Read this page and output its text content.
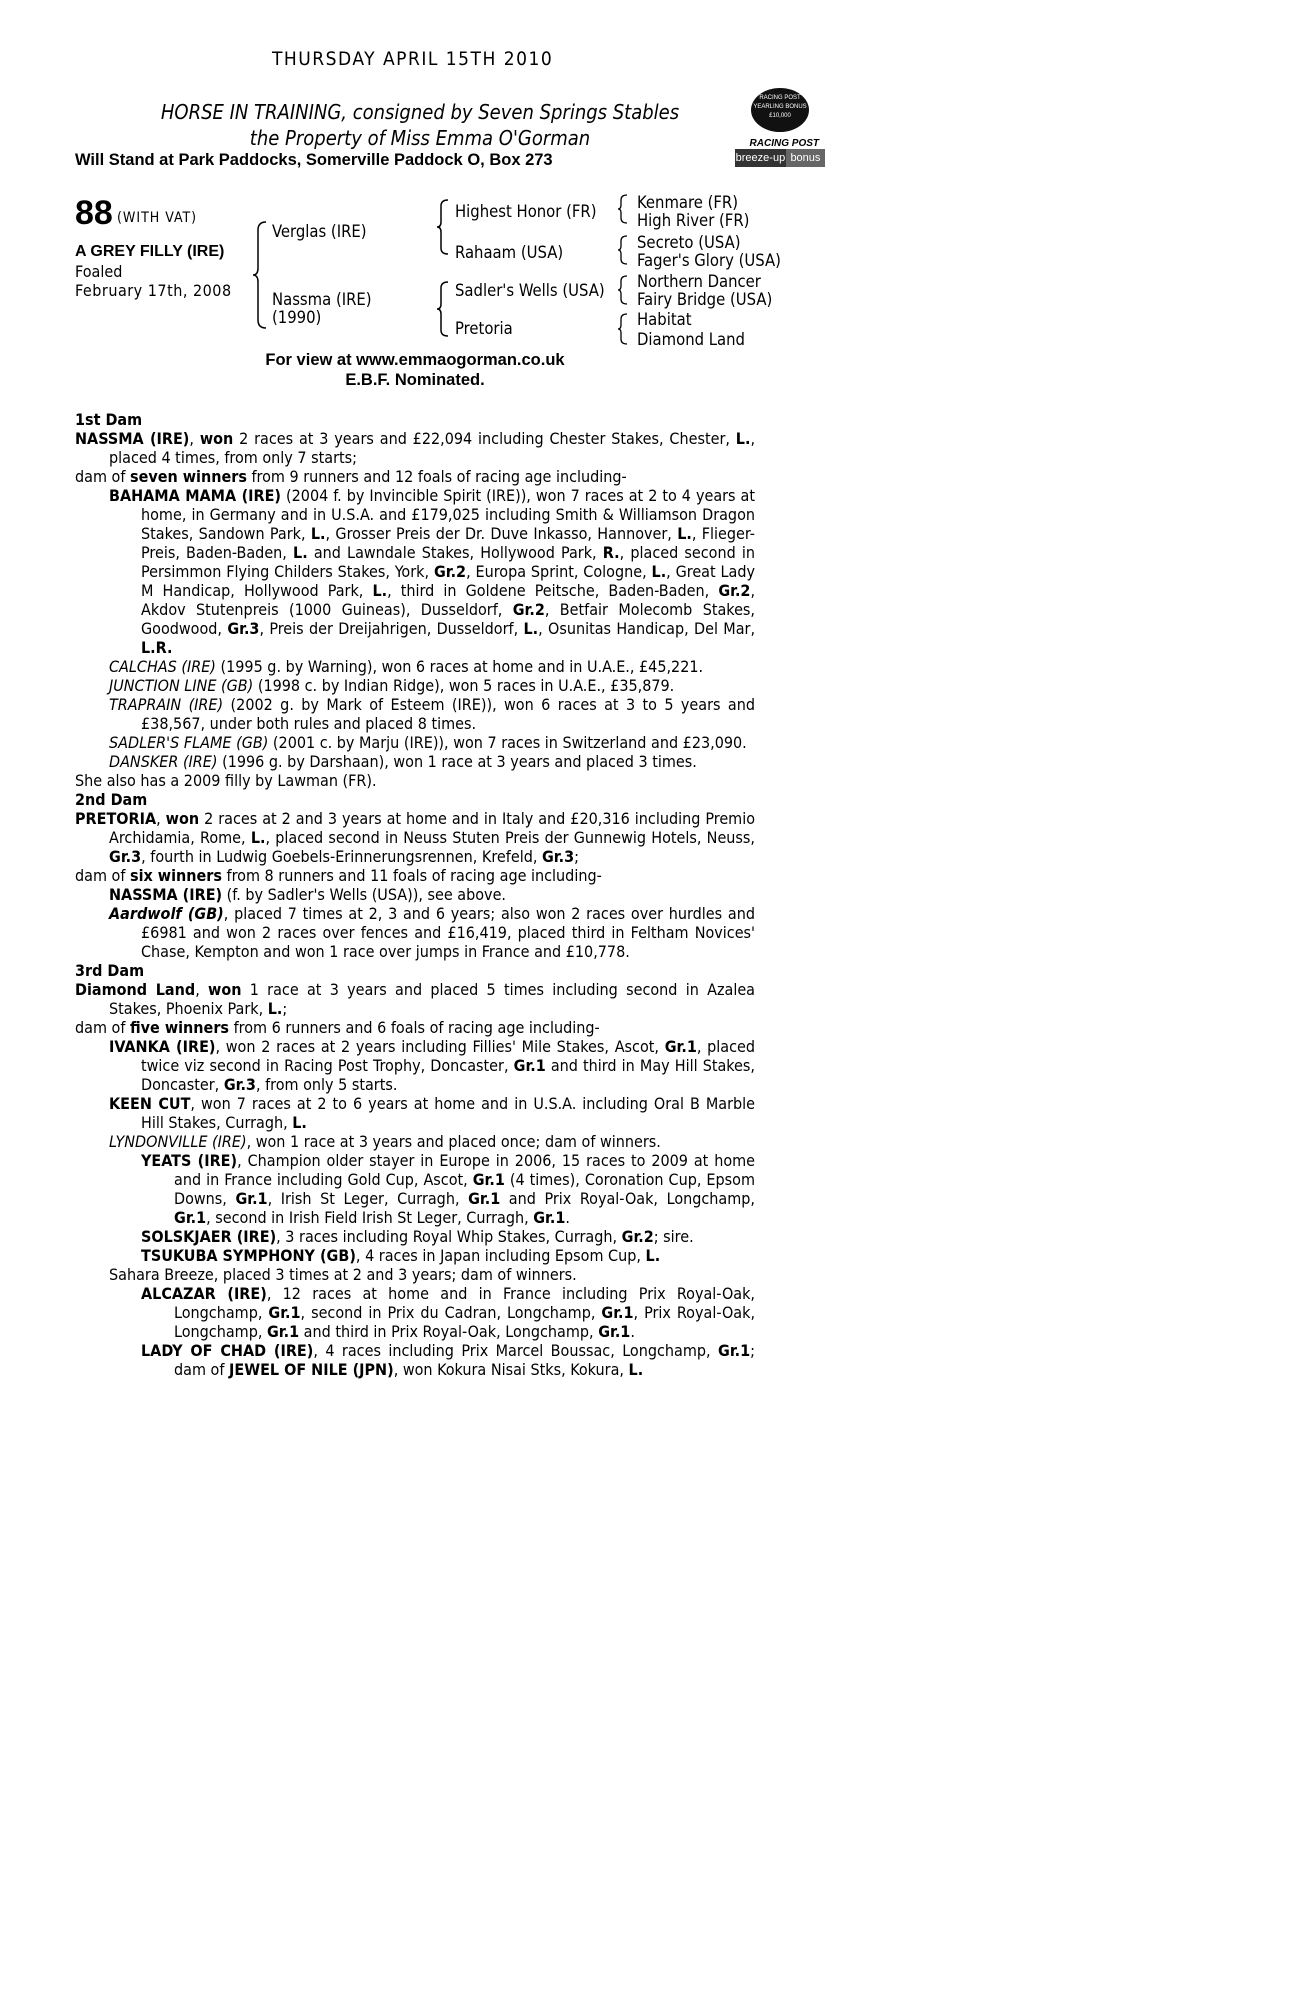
THURSDAY APRIL 15TH 2010
HORSE IN TRAINING, consigned by Seven Springs Stables
the Property of Miss Emma O'Gorman
Will Stand at Park Paddocks, Somerville Paddock O, Box 273
RACING POST
YEARLING BONUS
£10,000
RACING POST
breeze-up bonus
88 (WITH VAT)
A GREY FILLY (IRE)
Foaled
February 17th, 2008
Verglas (IRE)
Nassma (IRE)
(1990)
Highest Honor (FR)
Rahaam (USA)
Sadler's Wells (USA)
Pretoria
Kenmare (FR)
High River (FR)
Secreto (USA)
Fager's Glory (USA)
Northern Dancer
Fairy Bridge (USA)
Habitat
Diamond Land
For view at www.emmaogorman.co.uk
E.B.F. Nominated.

1st Dam

NASSMA (IRE), won 2 races at 3 years and £22,094 including Chester Stakes, Chester, L., placed 4 times, from only 7 starts;

dam of seven winners from 9 runners and 12 foals of racing age including-

BAHAMA MAMA (IRE) (2004 f. by Invincible Spirit (IRE)), won 7 races at 2 to 4 years at home, in Germany and in U.S.A. and £179,025 including Smith & Williamson Dragon Stakes, Sandown Park, L., Grosser Preis der Dr. Duve Inkasso, Hannover, L., Flieger-Preis, Baden-Baden, L. and Lawndale Stakes, Hollywood Park, R., placed second in Persimmon Flying Childers Stakes, York, Gr.2, Europa Sprint, Cologne, L., Great Lady M Handicap, Hollywood Park, L., third in Goldene Peitsche, Baden-Baden, Gr.2, Akdov Stutenpreis (1000 Guineas), Dusseldorf, Gr.2, Betfair Molecomb Stakes, Goodwood, Gr.3, Preis der Dreijahrigen, Dusseldorf, L., Osunitas Handicap, Del Mar, L.R.

CALCHAS (IRE) (1995 g. by Warning), won 6 races at home and in U.A.E., £45,221.

JUNCTION LINE (GB) (1998 c. by Indian Ridge), won 5 races in U.A.E., £35,879.

TRAPRAIN (IRE) (2002 g. by Mark of Esteem (IRE)), won 6 races at 3 to 5 years and £38,567, under both rules and placed 8 times.

SADLER'S FLAME (GB) (2001 c. by Marju (IRE)), won 7 races in Switzerland and £23,090.

DANSKER (IRE) (1996 g. by Darshaan), won 1 race at 3 years and placed 3 times.

She also has a 2009 filly by Lawman (FR).

2nd Dam

PRETORIA, won 2 races at 2 and 3 years at home and in Italy and £20,316 including Premio Archidamia, Rome, L., placed second in Neuss Stuten Preis der Gunnewig Hotels, Neuss, Gr.3, fourth in Ludwig Goebels-Erinnerungsrennen, Krefeld, Gr.3;

dam of six winners from 8 runners and 11 foals of racing age including-

NASSMA (IRE) (f. by Sadler's Wells (USA)), see above.

Aardwolf (GB), placed 7 times at 2, 3 and 6 years; also won 2 races over hurdles and £6981 and won 2 races over fences and £16,419, placed third in Feltham Novices' Chase, Kempton and won 1 race over jumps in France and £10,778.

3rd Dam

Diamond Land, won 1 race at 3 years and placed 5 times including second in Azalea Stakes, Phoenix Park, L.;

dam of five winners from 6 runners and 6 foals of racing age including-

IVANKA (IRE), won 2 races at 2 years including Fillies' Mile Stakes, Ascot, Gr.1, placed twice viz second in Racing Post Trophy, Doncaster, Gr.1 and third in May Hill Stakes, Doncaster, Gr.3, from only 5 starts.

KEEN CUT, won 7 races at 2 to 6 years at home and in U.S.A. including Oral B Marble Hill Stakes, Curragh, L.

LYNDONVILLE (IRE), won 1 race at 3 years and placed once; dam of winners.

YEATS (IRE), Champion older stayer in Europe in 2006, 15 races to 2009 at home and in France including Gold Cup, Ascot, Gr.1 (4 times), Coronation Cup, Epsom Downs, Gr.1, Irish St Leger, Curragh, Gr.1 and Prix Royal-Oak, Longchamp, Gr.1, second in Irish Field Irish St Leger, Curragh, Gr.1.

SOLSKJAER (IRE), 3 races including Royal Whip Stakes, Curragh, Gr.2; sire.

TSUKUBA SYMPHONY (GB), 4 races in Japan including Epsom Cup, L.

Sahara Breeze, placed 3 times at 2 and 3 years; dam of winners.

ALCAZAR (IRE), 12 races at home and in France including Prix Royal-Oak, Longchamp, Gr.1, second in Prix du Cadran, Longchamp, Gr.1, Prix Royal-Oak, Longchamp, Gr.1 and third in Prix Royal-Oak, Longchamp, Gr.1.

LADY OF CHAD (IRE), 4 races including Prix Marcel Boussac, Longchamp, Gr.1; dam of JEWEL OF NILE (JPN), won Kokura Nisai Stks, Kokura, L.
